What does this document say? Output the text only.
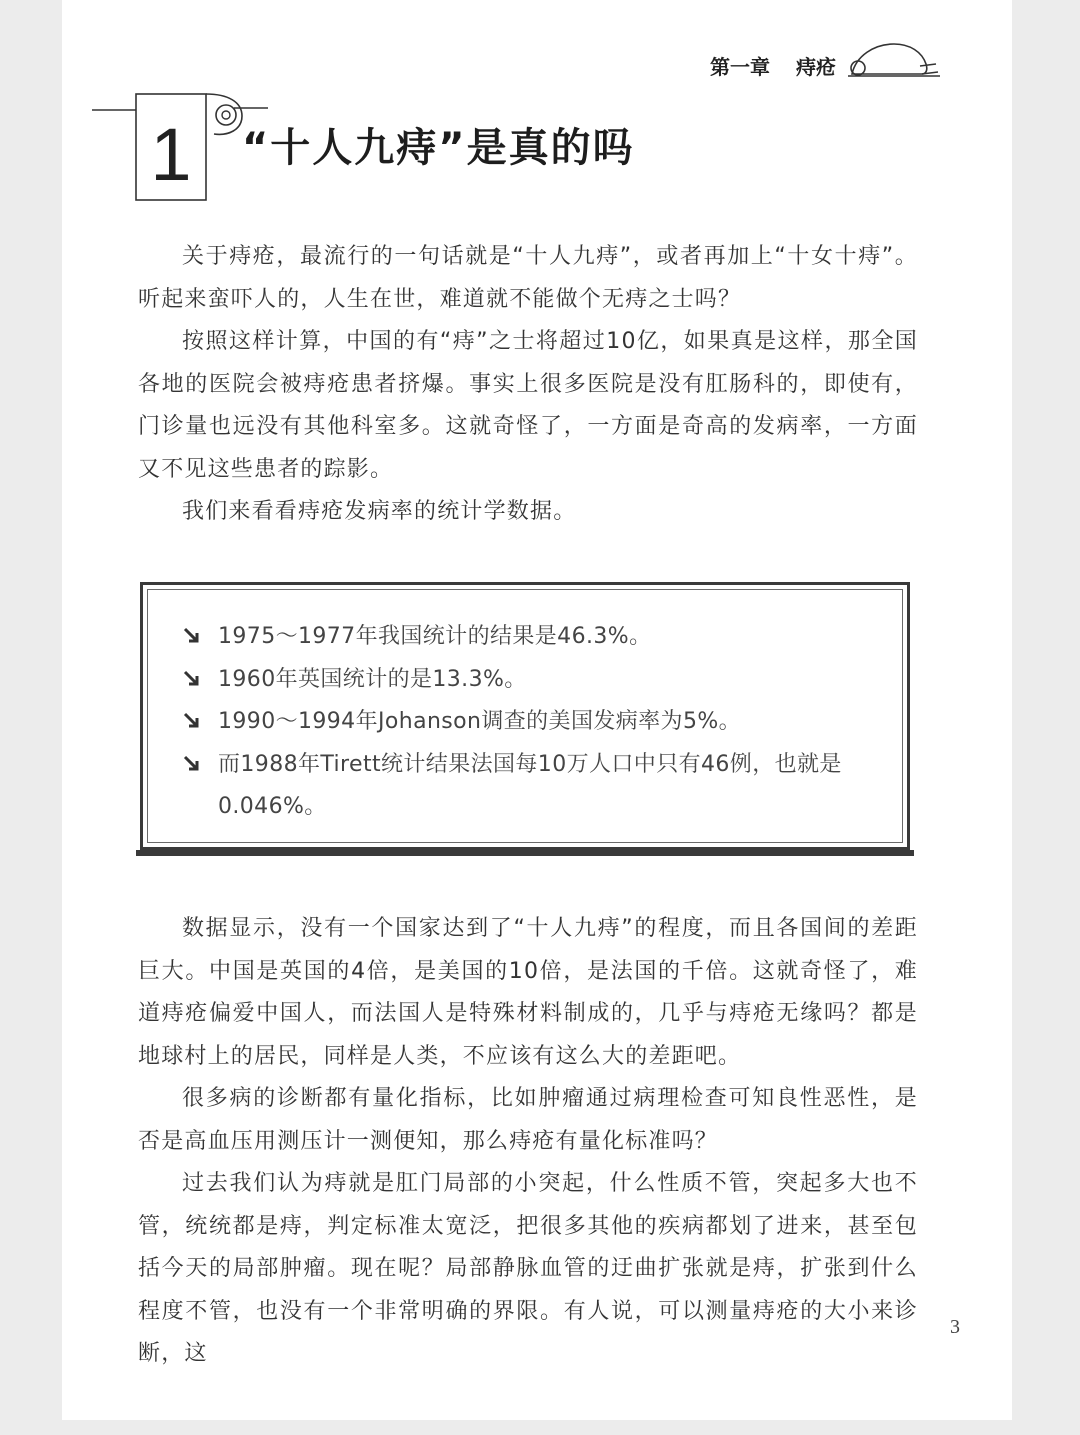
第一章 痔疮
1 “十人九痔”是真的吗

关于痔疮，最流行的一句话就是“十人九痔”，或者再加上“十女十痔”。听起来蛮吓人的，人生在世，难道就不能做个无痔之士吗？

按照这样计算，中国的有“痔”之士将超过10亿，如果真是这样，那全国各地的医院会被痔疮患者挤爆。事实上很多医院是没有肛肠科的，即使有，门诊量也远没有其他科室多。这就奇怪了，一方面是奇高的发病率，一方面又不见这些患者的踪影。

我们来看看痔疮发病率的统计学数据。

1975～1977年我国统计的结果是46.3%。
1960年英国统计的是13.3%。
1990～1994年Johanson调查的美国发病率为5%。
而1988年Tirett统计结果法国每10万人口中只有46例，也就是0.046%。

数据显示，没有一个国家达到了“十人九痔”的程度，而且各国间的差距巨大。中国是英国的4倍，是美国的10倍，是法国的千倍。这就奇怪了，难道痔疮偏爱中国人，而法国人是特殊材料制成的，几乎与痔疮无缘吗？都是地球村上的居民，同样是人类，不应该有这么大的差距吧。

很多病的诊断都有量化指标，比如肿瘤通过病理检查可知良性恶性，是否是高血压用测压计一测便知，那么痔疮有量化标准吗？

过去我们认为痔就是肛门局部的小突起，什么性质不管，突起多大也不管，统统都是痔，判定标准太宽泛，把很多其他的疾病都划了进来，甚至包括今天的局部肿瘤。现在呢？局部静脉血管的迂曲扩张就是痔，扩张到什么程度不管，也没有一个非常明确的界限。有人说，可以测量痔疮的大小来诊断，这

3
